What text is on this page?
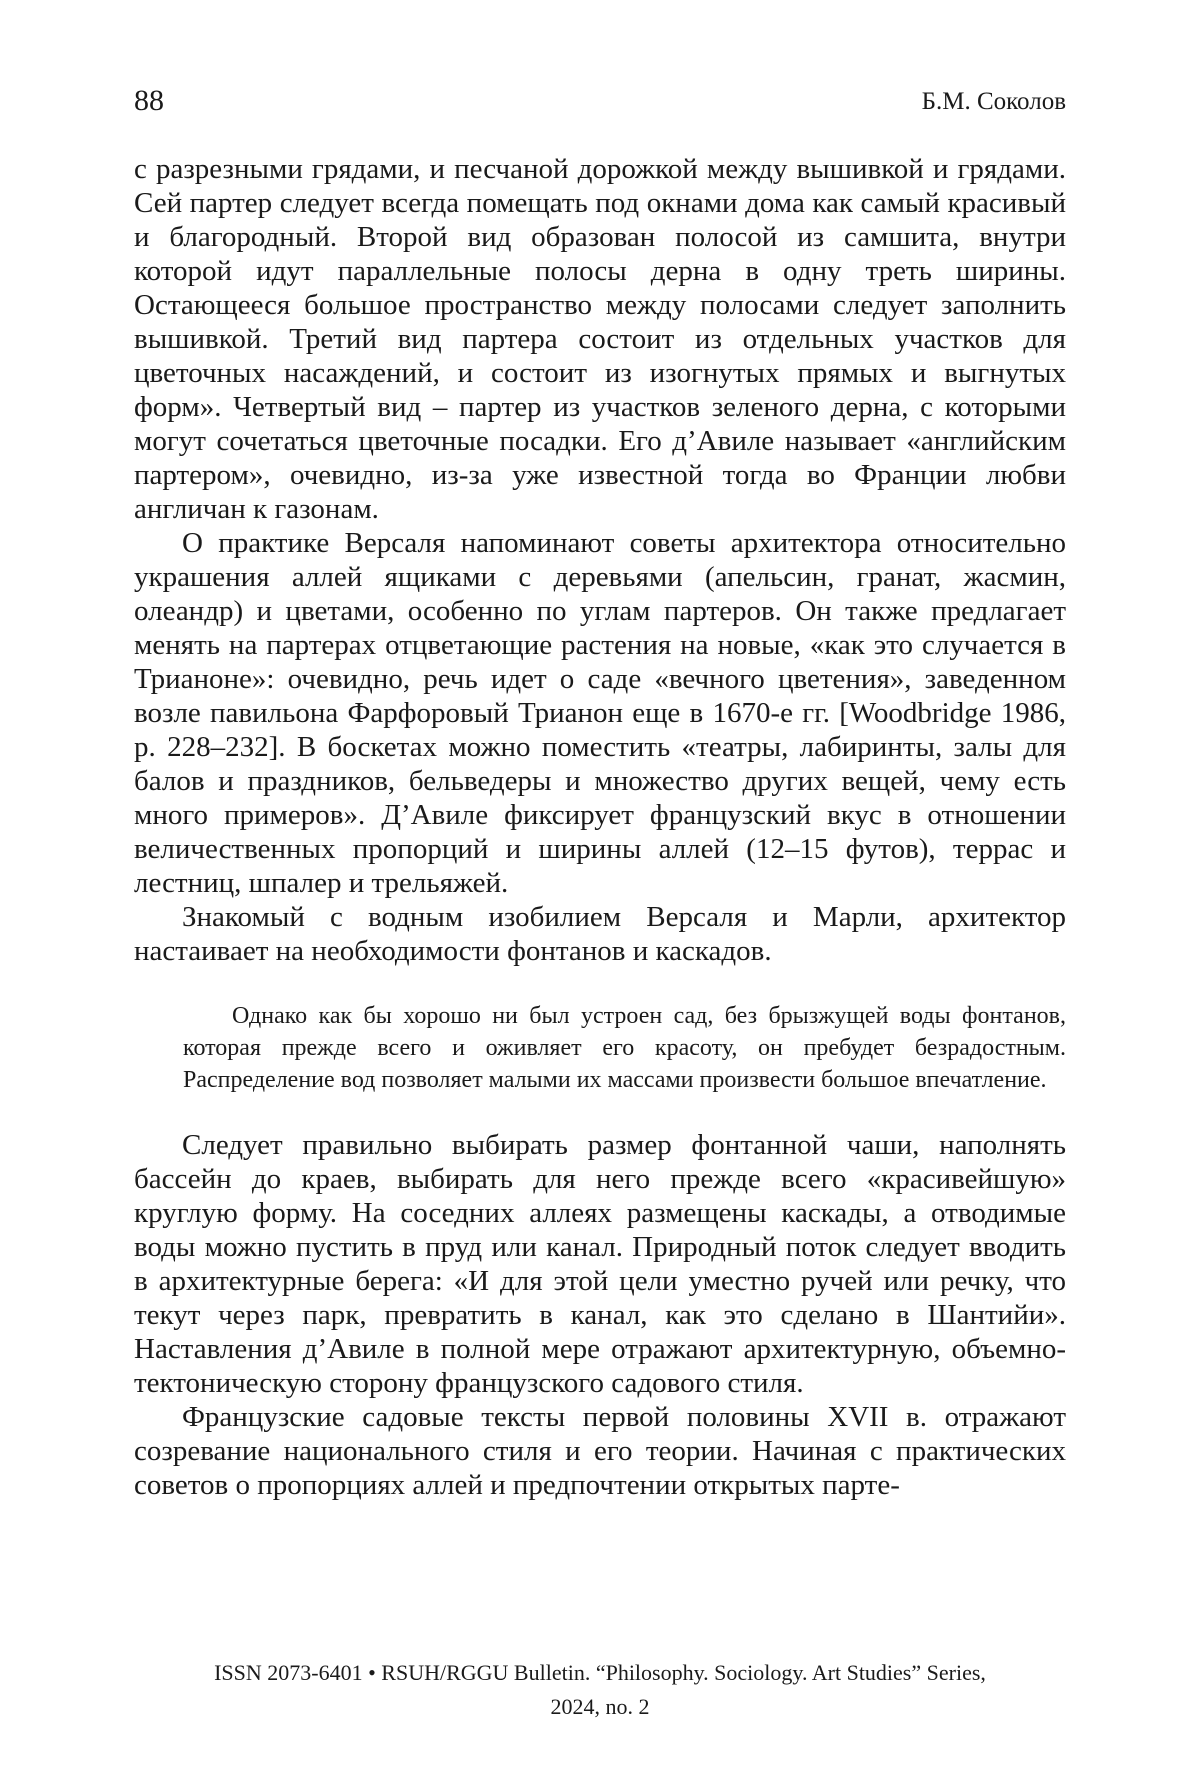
88	Б.М. Соколов

с разрезными грядами, и песчаной дорожкой между вышивкой и грядами. Сей партер следует всегда помещать под окнами дома как самый красивый и благородный. Второй вид образован полосой из самшита, внутри которой идут параллельные полосы дерна в одну треть ширины. Остающееся большое пространство между полосами следует заполнить вышивкой. Третий вид партера состоит из отдельных участков для цветочных насаждений, и состоит из изогнутых прямых и выгнутых форм». Четвертый вид – партер из участков зеленого дерна, с которыми могут сочетаться цветочные посадки. Его д’Авиле называет «английским партером», очевидно, из-за уже известной тогда во Франции любви англичан к газонам.

О практике Версаля напоминают советы архитектора относительно украшения аллей ящиками с деревьями (апельсин, гранат, жасмин, олеандр) и цветами, особенно по углам партеров. Он также предлагает менять на партерах отцветающие растения на новые, «как это случается в Трианоне»: очевидно, речь идет о саде «вечного цветения», заведенном возле павильона Фарфоровый Трианон еще в 1670-е гг. [Woodbridge 1986, p. 228–232]. В боскетах можно поместить «театры, лабиринты, залы для балов и праздников, бельведеры и множество других вещей, чему есть много примеров». Д’Авиле фиксирует французский вкус в отношении величественных пропорций и ширины аллей (12–15 футов), террас и лестниц, шпалер и трельяжей.

Знакомый с водным изобилием Версаля и Марли, архитектор настаивает на необходимости фонтанов и каскадов.

Однако как бы хорошо ни был устроен сад, без брызжущей воды фонтанов, которая прежде всего и оживляет его красоту, он пребудет безрадостным. Распределение вод позволяет малыми их массами произвести большое впечатление.

Следует правильно выбирать размер фонтанной чаши, наполнять бассейн до краев, выбирать для него прежде всего «красивейшую» круглую форму. На соседних аллеях размещены каскады, а отводимые воды можно пустить в пруд или канал. Природный поток следует вводить в архитектурные берега: «И для этой цели уместно ручей или речку, что текут через парк, превратить в канал, как это сделано в Шантийи». Наставления д’Авиле в полной мере отражают архитектурную, объемно-тектоническую сторону французского садового стиля.

Французские садовые тексты первой половины XVII в. отражают созревание национального стиля и его теории. Начиная с практических советов о пропорциях аллей и предпочтении открытых парте-

ISSN 2073-6401 • RSUH/RGGU Bulletin. “Philosophy. Sociology. Art Studies” Series,
2024, no. 2
